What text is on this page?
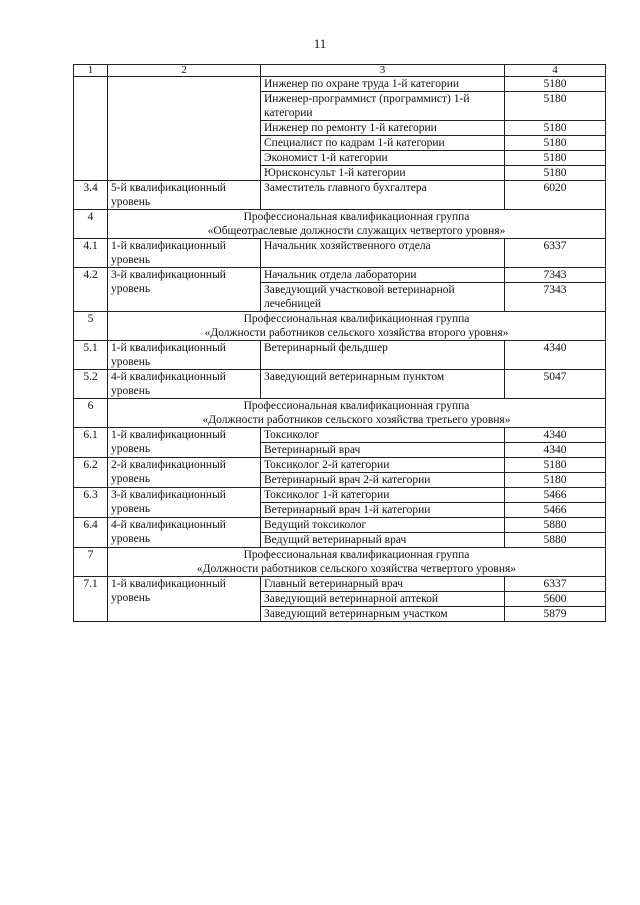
11
1	2	3	4
		Инженер по охране труда 1-й категории	5180
		Инженер-программист (программист) 1-й категории	5180
		Инженер по ремонту 1-й категории	5180
		Специалист по кадрам 1-й категории	5180
		Экономист 1-й категории	5180
		Юрисконсульт 1-й категории	5180
3.4	5-й квалификационный уровень	Заместитель главного бухгалтера	6020
4	Профессиональная квалификационная группа
«Общеотраслевые должности служащих четвертого уровня»		

4.1	1-й квалификационный уровень	Начальник хозяйственного отдела	6337
4.2	3-й квалификационный уровень	Начальник отдела лаборатории	7343
		Заведующий участковой ветеринарной лечебницей	7343
5	Профессиональная квалификационная группа
«Должности работников сельского хозяйства второго уровня»		

5.1	1-й квалификационный уровень	Ветеринарный фельдшер	4340
5.2	4-й квалификационный уровень	Заведующий ветеринарным пунктом	5047
6	Профессиональная квалификационная группа
«Должности работников сельского хозяйства третьего уровня»		

6.1	1-й квалификационный уровень	Токсиколог	4340
		Ветеринарный врач	4340
6.2	2-й квалификационный уровень	Токсиколог 2-й категории	5180
		Ветеринарный врач 2-й категории	5180
6.3	3-й квалификационный уровень	Токсиколог 1-й категории	5466
		Ветеринарный врач 1-й категории	5466
6.4	4-й квалификационный уровень	Ведущий токсиколог	5880
		Ведущий ветеринарный врач	5880
7	Профессиональная квалификационная группа
«Должности работников сельского хозяйства четвертого уровня»		

7.1	1-й квалификационный уровень	Главный ветеринарный врач	6337
		Заведующий ветеринарной аптекой	5600
		Заведующий ветеринарным участком	5879
